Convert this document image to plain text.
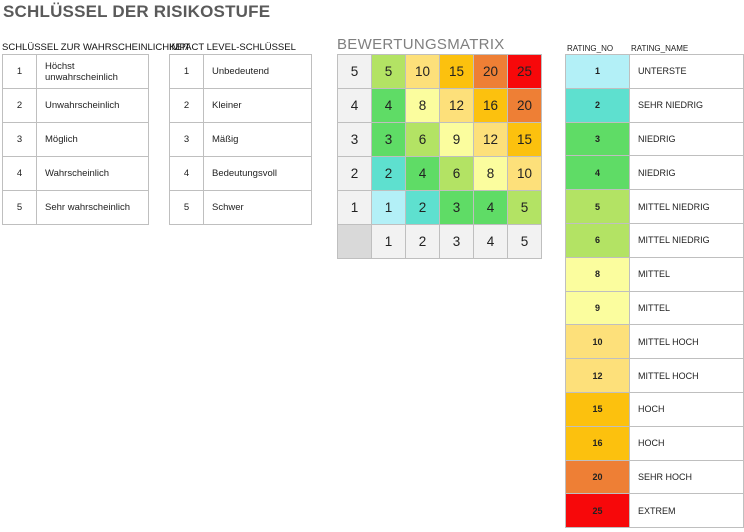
SCHLÜSSEL DER RISIKOSTUFE
SCHLÜSSEL ZUR WAHRSCHEINLICHKEIT
IMPACT LEVEL-SCHLÜSSEL	BEWERTUNGSMATRIX
1	Höchst unwahrscheinlich
2	Unwahrscheinlich
3	Möglich
4	Wahrscheinlich
5	Sehr wahrscheinlich
1	Unbedeutend
2	Kleiner
3	Mäßig
4	Bedeutungsvoll
5	Schwer
5	5	10	15	20	25
4	4	8	12	16	20
3	3	6	9	12	15
2	2	4	6	8	10
1	1	2	3	4	5
	1	2	3	4	5
RATING_NO RATING_NAME
1	UNTERSTE
2	SEHR NIEDRIG
3	NIEDRIG
4	NIEDRIG
5	MITTEL NIEDRIG
6	MITTEL NIEDRIG
8	MITTEL
9	MITTEL
10	MITTEL HOCH
12	MITTEL HOCH
15	HOCH
16	HOCH
20	SEHR HOCH
25	EXTREM
